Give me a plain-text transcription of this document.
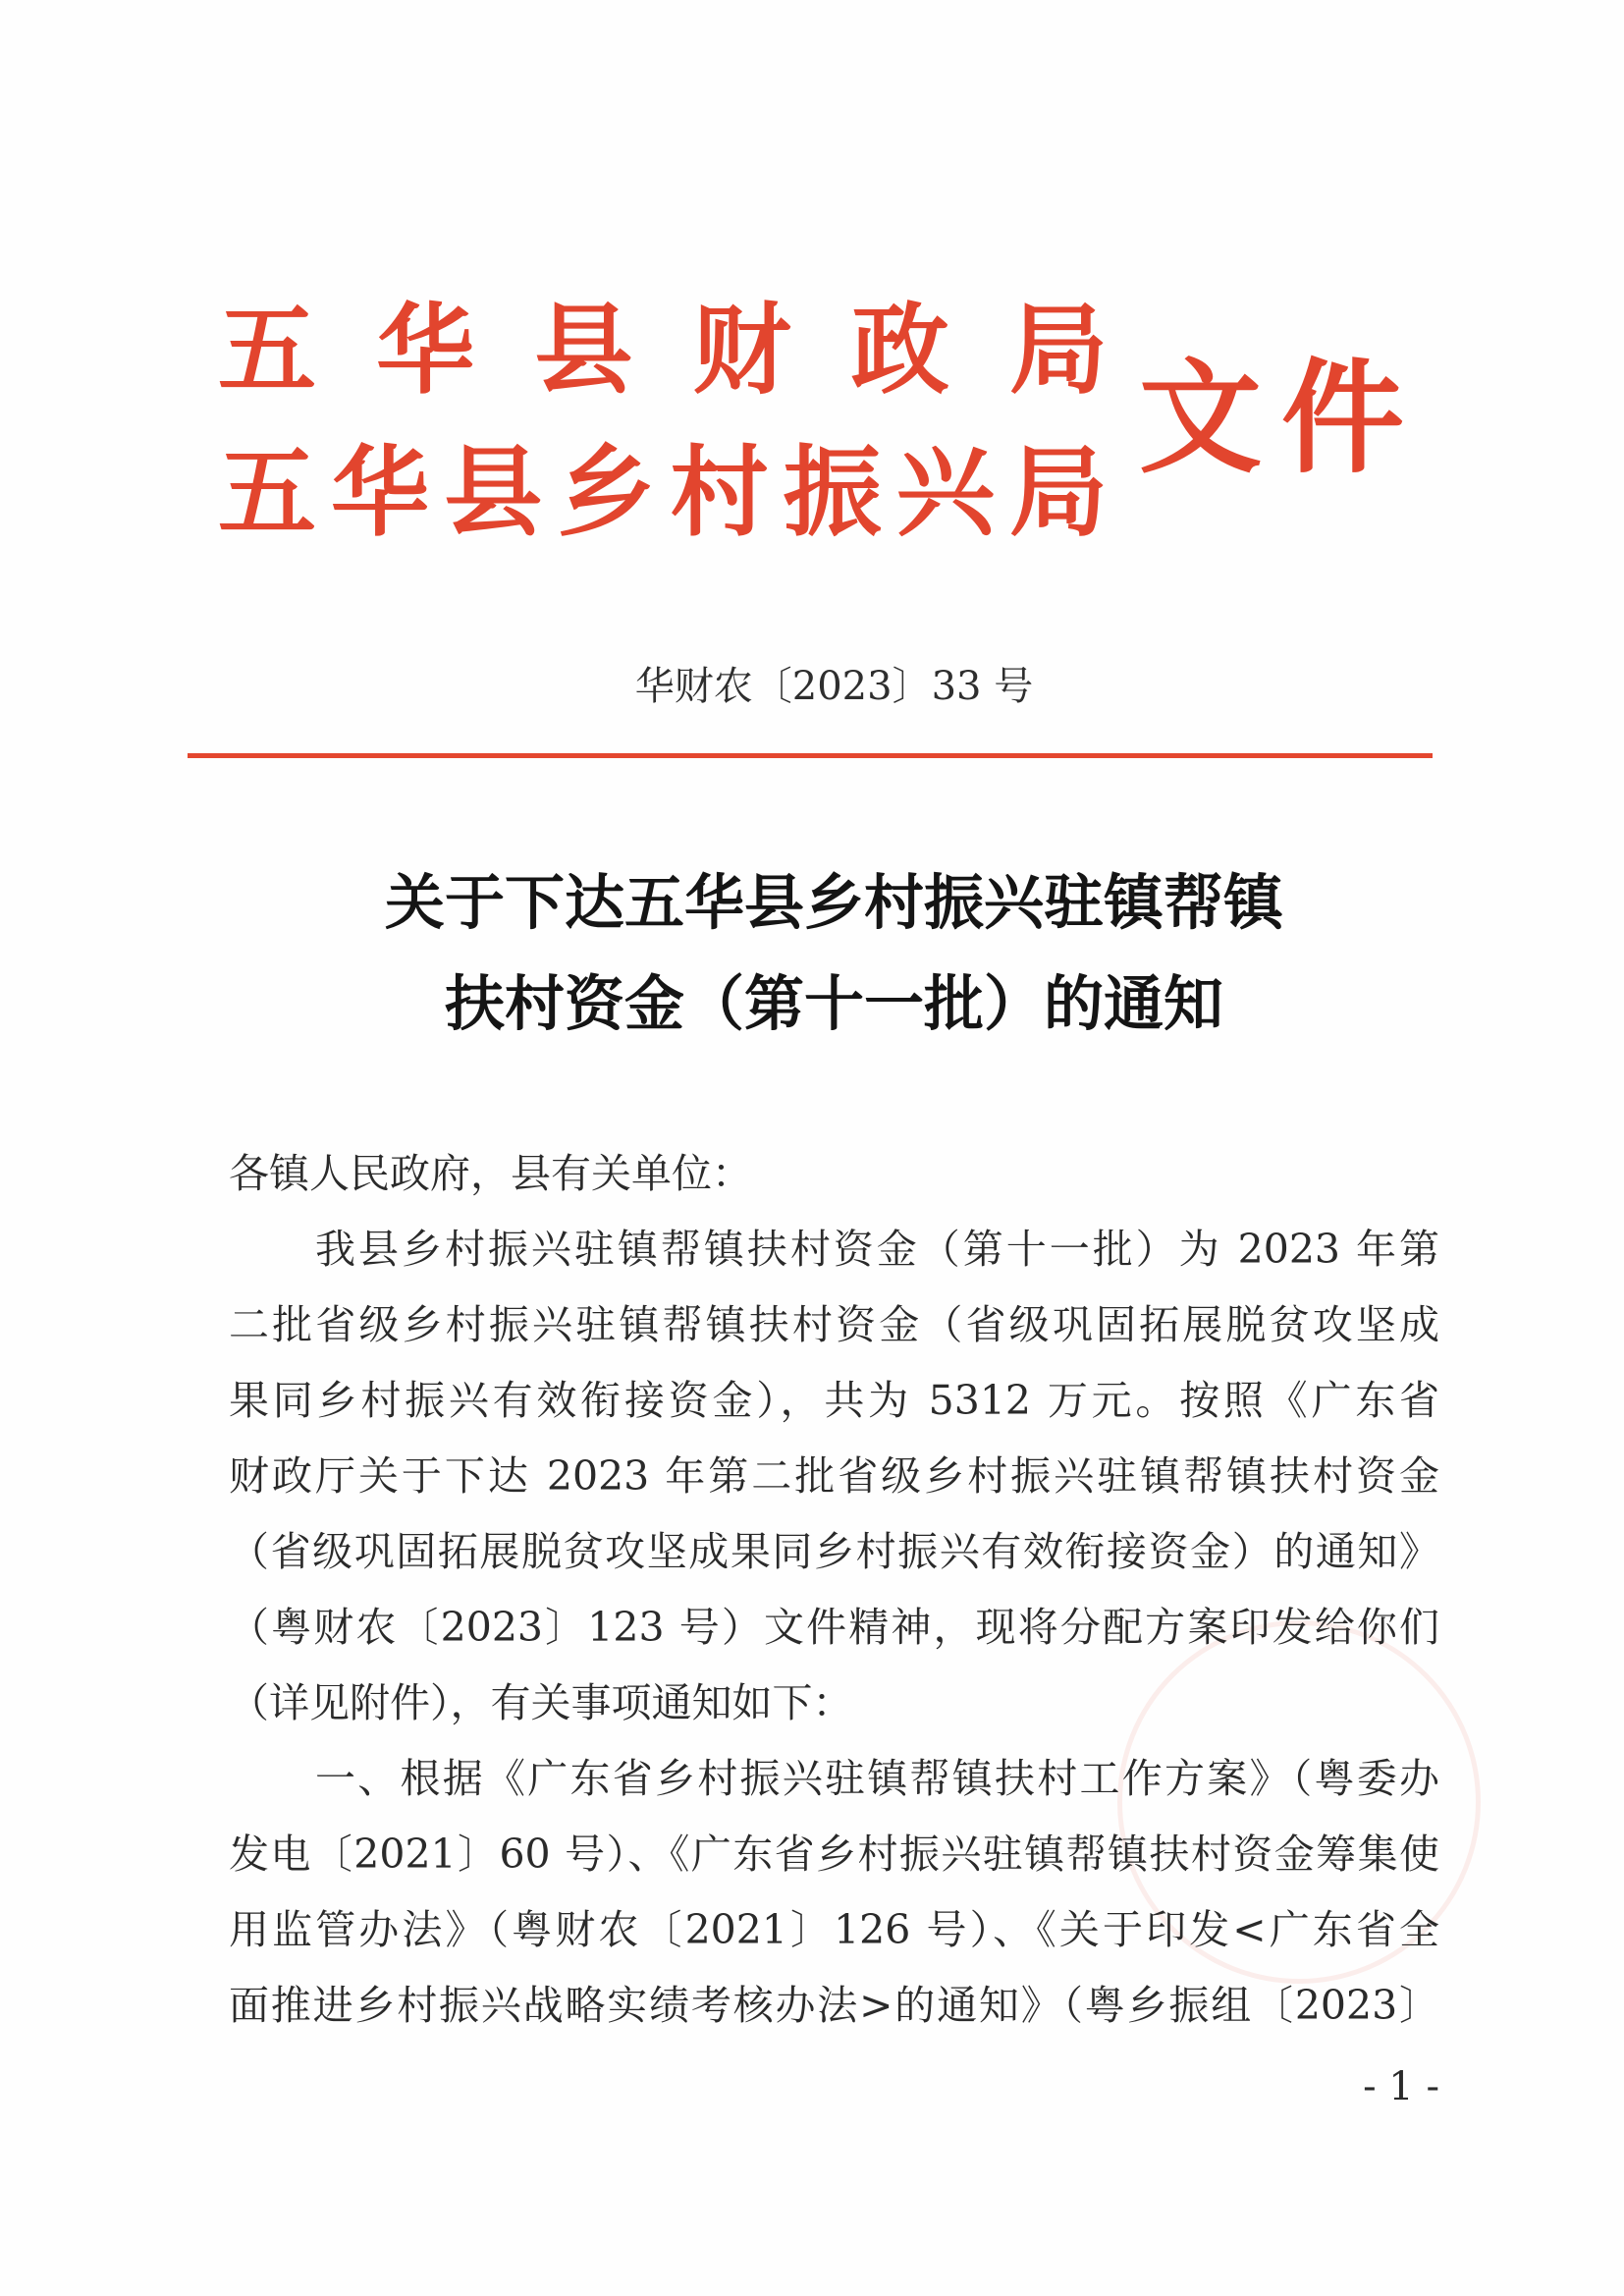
五华县财政局
五华县乡村振兴局
文件
华财农〔2023〕33 号
关于下达五华县乡村振兴驻镇帮镇
扶村资金（第十一批）的通知
各镇人民政府，县有关单位：
我县乡村振兴驻镇帮镇扶村资金（第十一批）为 2023 年第
二批省级乡村振兴驻镇帮镇扶村资金（省级巩固拓展脱贫攻坚成
果同乡村振兴有效衔接资金），共为 5312 万元。按照《广东省
财政厅关于下达 2023 年第二批省级乡村振兴驻镇帮镇扶村资金
（省级巩固拓展脱贫攻坚成果同乡村振兴有效衔接资金）的通知》
（粤财农〔2023〕123 号）文件精神，现将分配方案印发给你们
（详见附件），有关事项通知如下：
一、根据《广东省乡村振兴驻镇帮镇扶村工作方案》（粤委办
发电〔2021〕60 号）、《广东省乡村振兴驻镇帮镇扶村资金筹集使
用监管办法》（粤财农〔2021〕126 号）、《关于印发<广东省全
面推进乡村振兴战略实绩考核办法>的通知》（粤乡振组〔2023〕
- 1 -
